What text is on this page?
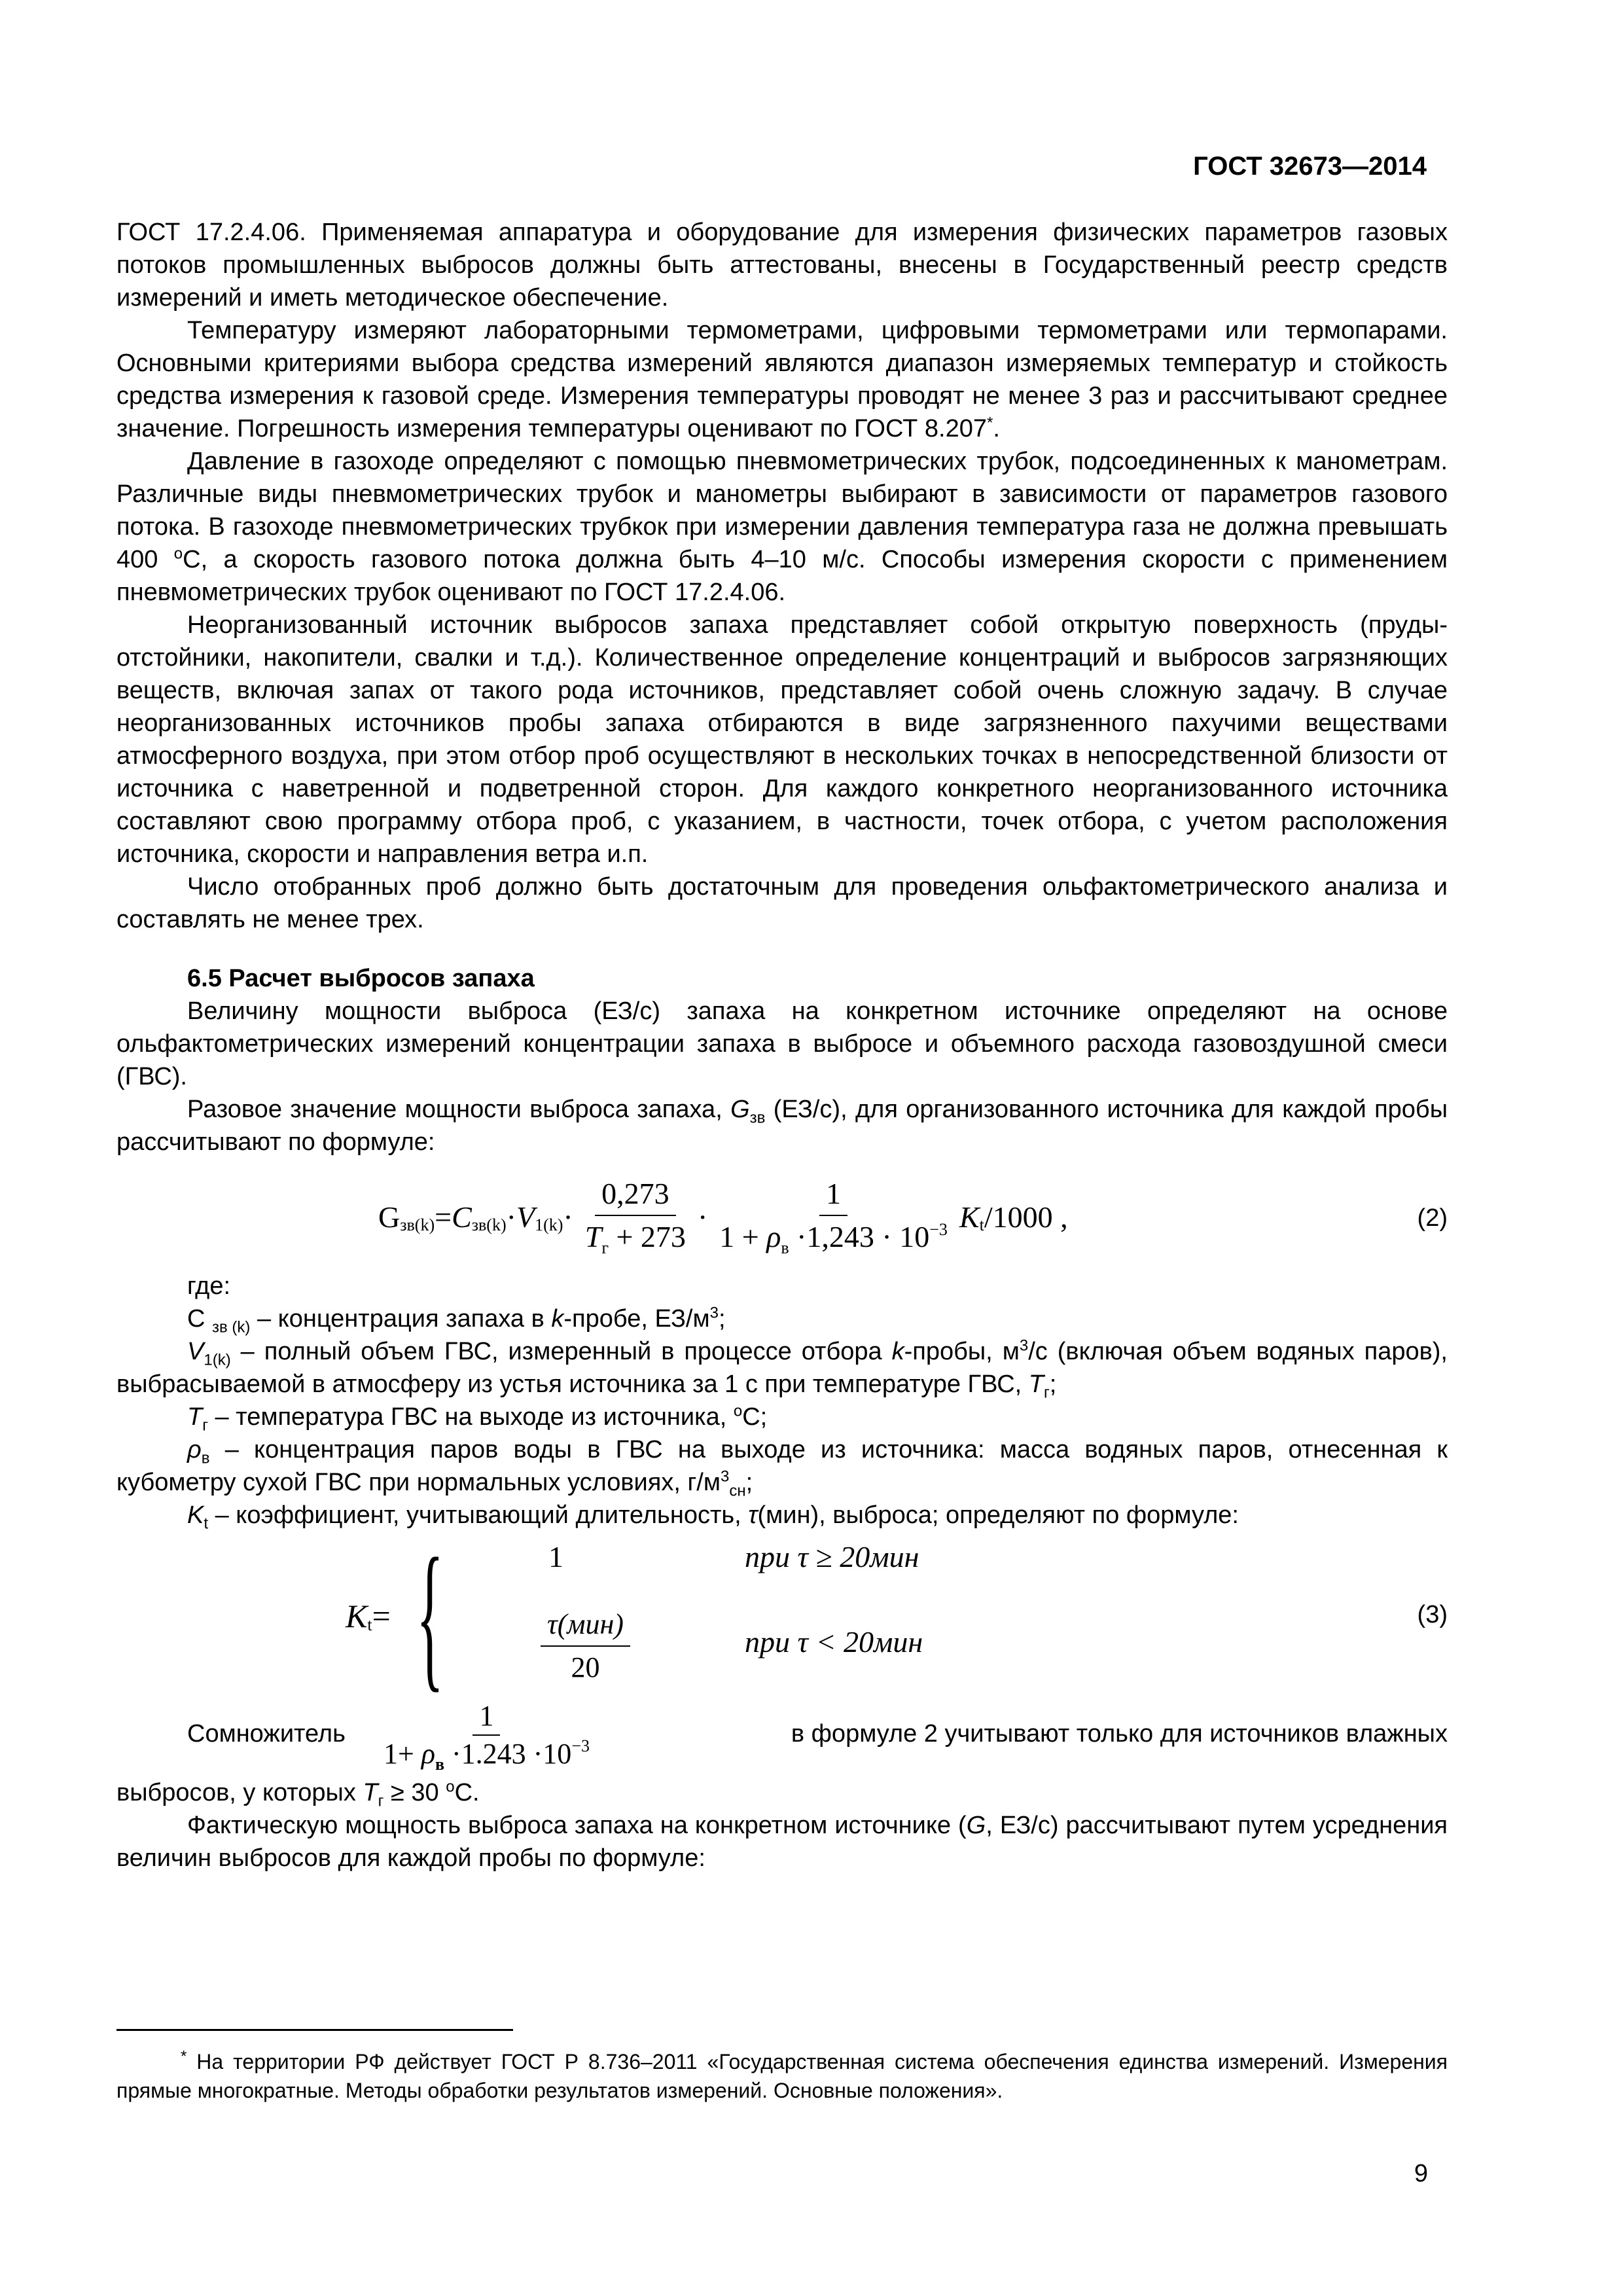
ГОСТ 32673—2014

ГОСТ 17.2.4.06. Применяемая аппаратура и оборудование для измерения физических параметров газовых потоков промышленных выбросов должны быть аттестованы, внесены в Государственный реестр средств измерений и иметь методическое обеспечение.

Температуру измеряют лабораторными термометрами, цифровыми термометрами или термопарами. Основными критериями выбора средства измерений являются диапазон измеряемых температур и стойкость средства измерения к газовой среде. Измерения температуры проводят не менее 3 раз и рассчитывают среднее значение. Погрешность измерения температуры оценивают по ГОСТ 8.207*.

Давление в газоходе определяют с помощью пневмометрических трубок, подсоединенных к манометрам. Различные виды пневмометрических трубок и манометры выбирают в зависимости от параметров газового потока. В газоходе пневмометрических трубкок при измерении давления температура газа не должна превышать 400 $^o$С, а скорость газового потока должна быть 4–10 м/с. Способы измерения скорости с применением пневмометрических трубок оценивают по ГОСТ 17.2.4.06.

Неорганизованный источник выбросов запаха представляет собой открытую поверхность (пруды-отстойники, накопители, свалки и т.д.). Количественное определение концентраций и выбросов загрязняющих веществ, включая запах от такого рода источников, представляет собой очень сложную задачу. В случае неорганизованных источников пробы запаха отбираются в виде загрязненного пахучими веществами атмосферного воздуха, при этом отбор проб осуществляют в нескольких точках в непосредственной близости от источника с наветренной и подветренной сторон. Для каждого конкретного неорганизованного источника составляют свою программу отбора проб, с указанием, в частности, точек отбора, с учетом расположения источника, скорости и направления ветра и.п.

Число отобранных проб должно быть достаточным для проведения ольфактометрического анализа и составлять не менее трех.

6.5 Расчет выбросов запаха

Величину мощности выброса (ЕЗ/с) запаха на конкретном источнике определяют на основе ольфактометрических измерений концентрации запаха в выбросе и объемного расхода газовоздушной смеси (ГВС).

Разовое значение мощности выброса запаха, $G_{зв}$ (ЕЗ/с), для организованного источника для каждой пробы рассчитывают по формуле:

G зв(k) = C зв(k) · V $1(k) \cdot \frac{0,273}{T_г + 273} \cdot \frac{1}{1 + \rho_в \cdot 1,243 \cdot 10^{-3}}$ K t /1000 ,	(2)

где:

С $_{зв (k)}$ – концентрация запаха в k-пробе, $ЕЗ/м^3$;

$V_{1(k)}$ – полный объем ГВС, измеренный в процессе отбора k-пробы, $м^3/с$ (включая объем водяных паров), выбрасываемой в атмосферу из устья источника за 1 с при температуре ГВС, $T_г$;

$T_г$ – температура ГВС на выходе из источника, $^o$С;

$\rho_в$ – концентрация паров воды в ГВС на выходе из источника: масса водяных паров, отнесенная к кубометру сухой ГВС при нормальных условиях, $г/м^3_{сн}$;

$K_t$ – коэффициент, учитывающий длительность, τ(мин), выброса; определяют по формуле:

K t = {	1	при τ ≥ 20мин
$\frac{\text{τ(мин)}}{20}$	при τ < 20мин
(3)
Сомножитель $\frac{1}{1+ \rho_в \cdot 1.243 \cdot 10^{-3}}$	в формуле 2 учитывают только для источников влажных

выбросов, у которых $T_г \ge 30$ $^o$С.

Фактическую мощность выброса запаха на конкретном источнике (G, ЕЗ/с) рассчитывают путем усреднения величин выбросов для каждой пробы по формуле:

* На территории РФ действует ГОСТ Р 8.736–2011 «Государственная система обеспечения единства измерений. Измерения прямые многократные. Методы обработки результатов измерений. Основные положения».
9
